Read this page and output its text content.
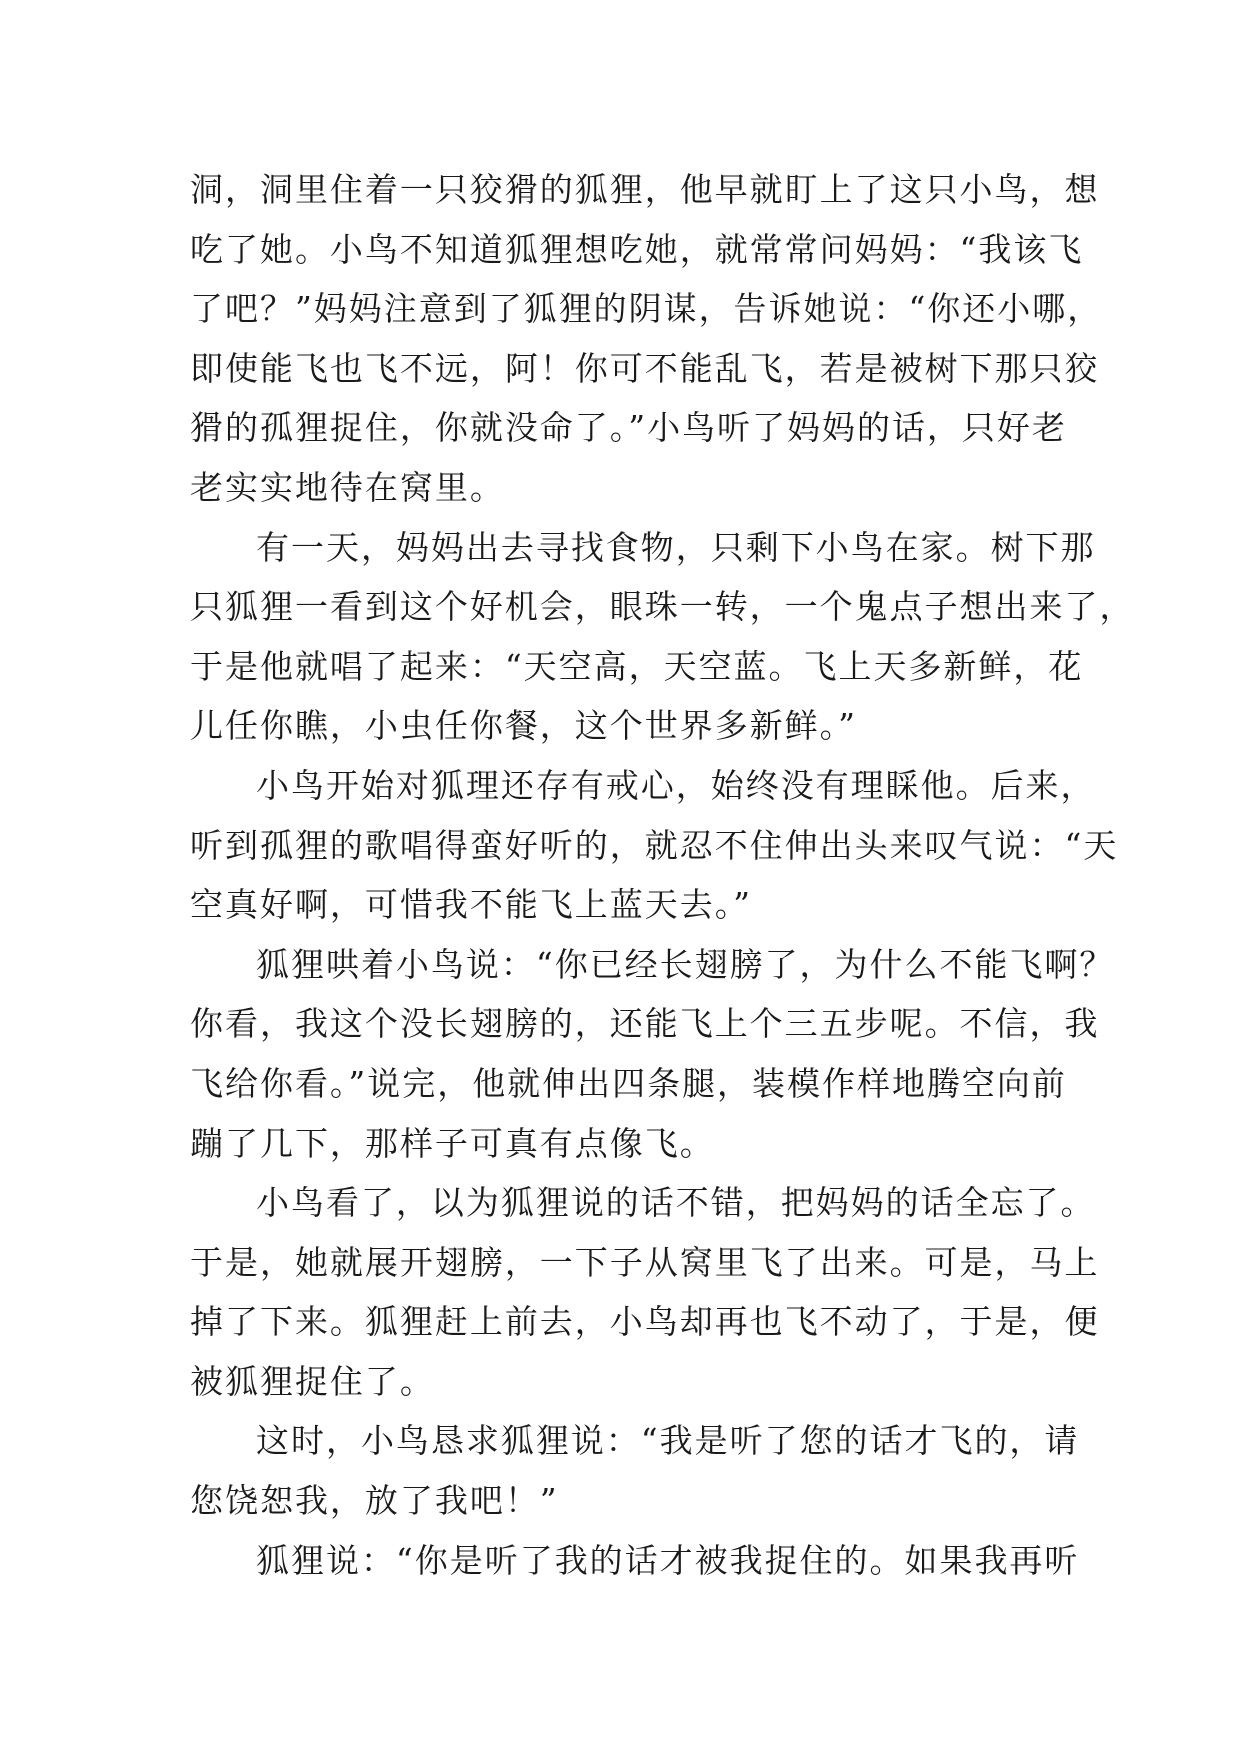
洞，洞里住着一只狡猾的狐狸，他早就盯上了这只小鸟，想
吃了她。小鸟不知道狐狸想吃她，就常常问妈妈：“我该飞
了吧？”妈妈注意到了狐狸的阴谋，告诉她说：“你还小哪，
即使能飞也飞不远，阿！你可不能乱飞，若是被树下那只狡
猾的孤狸捉住，你就没命了。”小鸟听了妈妈的话，只好老
老实实地待在窝里。
有一天，妈妈出去寻找食物，只剩下小鸟在家。树下那
只狐狸一看到这个好机会，眼珠一转，一个鬼点子想出来了，
于是他就唱了起来：“天空高，天空蓝。飞上天多新鲜，花
儿任你瞧，小虫任你餐，这个世界多新鲜。”
小鸟开始对狐理还存有戒心，始终没有理睬他。后来，
听到孤狸的歌唱得蛮好听的，就忍不住伸出头来叹气说：“天
空真好啊，可惜我不能飞上蓝天去。”
狐狸哄着小鸟说：“你已经长翅膀了，为什么不能飞啊？
你看，我这个没长翅膀的，还能飞上个三五步呢。不信，我
飞给你看。”说完，他就伸出四条腿，装模作样地腾空向前
蹦了几下，那样子可真有点像飞。
小鸟看了，以为狐狸说的话不错，把妈妈的话全忘了。
于是，她就展开翅膀，一下子从窝里飞了出来。可是，马上
掉了下来。狐狸赶上前去，小鸟却再也飞不动了，于是，便
被狐狸捉住了。
这时，小鸟恳求狐狸说：“我是听了您的话才飞的，请
您饶恕我，放了我吧！”
狐狸说：“你是听了我的话才被我捉住的。如果我再听
